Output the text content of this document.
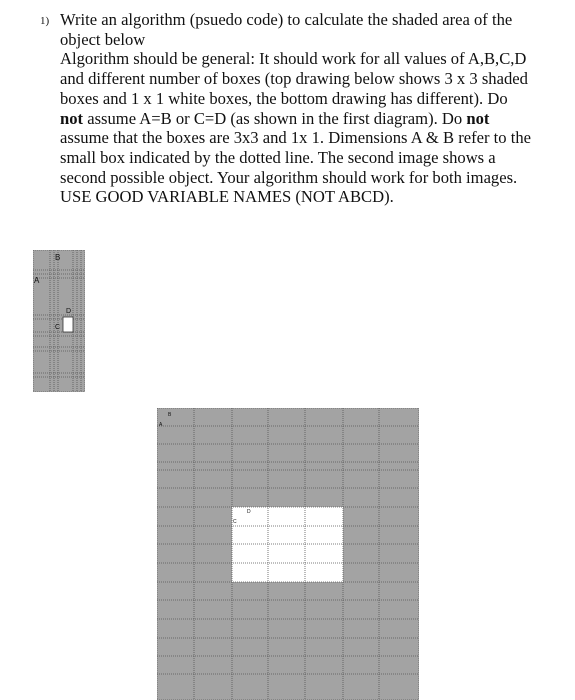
1) Write an algorithm (psuedo code) to calculate the shaded area of the
object below
Algorithm should be general: It should work for all values of A,B,C,D
and different number of boxes (top drawing below shows 3 x 3 shaded
boxes and 1 x 1 white boxes, the bottom drawing has different). Do
not assume A=B or C=D (as shown in the first diagram). Do not
assume that the boxes are 3x3 and 1x 1. Dimensions A & B refer to the
small box indicated by the dotted line. The second image shows a
second possible object. Your algorithm should work for both images.
USE GOOD VARIABLE NAMES (NOT ABCD).
B
A
D
C
B
A
D
C
